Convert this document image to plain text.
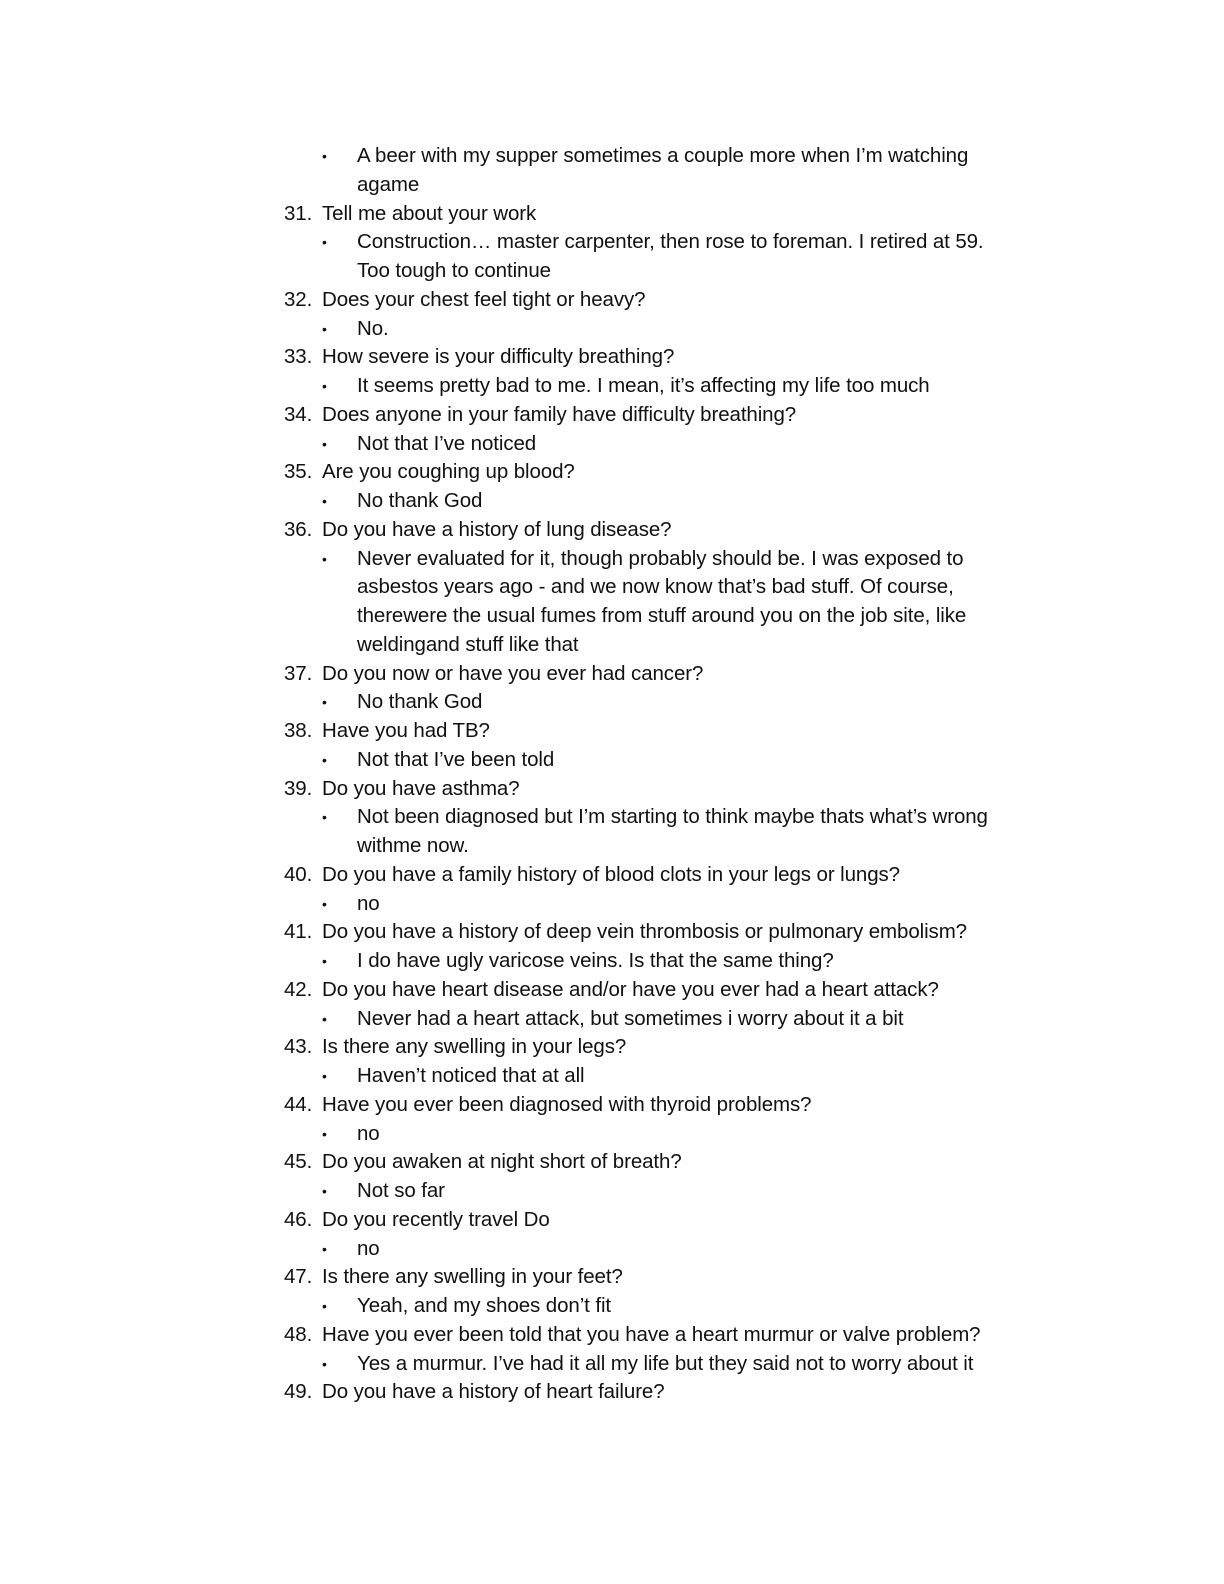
• A beer with my supper sometimes a couple more when I’m watching
agame
31. Tell me about your work
• Construction… master carpenter, then rose to foreman. I retired at 59.
Too tough to continue
32. Does your chest feel tight or heavy?
• No.
33. How severe is your difficulty breathing?
• It seems pretty bad to me. I mean, it’s affecting my life too much
34. Does anyone in your family have difficulty breathing?
• Not that I’ve noticed
35. Are you coughing up blood?
• No thank God
36. Do you have a history of lung disease?
• Never evaluated for it, though probably should be. I was exposed to
asbestos years ago - and we now know that’s bad stuff. Of course,
therewere the usual fumes from stuff around you on the job site, like
weldingand stuff like that
37. Do you now or have you ever had cancer?
• No thank God
38. Have you had TB?
• Not that I’ve been told
39. Do you have asthma?
• Not been diagnosed but I’m starting to think maybe thats what’s wrong
withme now.
40. Do you have a family history of blood clots in your legs or lungs?
• no
41. Do you have a history of deep vein thrombosis or pulmonary embolism?
• I do have ugly varicose veins. Is that the same thing?
42. Do you have heart disease and/or have you ever had a heart attack?
• Never had a heart attack, but sometimes i worry about it a bit
43. Is there any swelling in your legs?
• Haven’t noticed that at all
44. Have you ever been diagnosed with thyroid problems?
• no
45. Do you awaken at night short of breath?
• Not so far
46. Do you recently travel Do
• no
47. Is there any swelling in your feet?
• Yeah, and my shoes don’t fit
48. Have you ever been told that you have a heart murmur or valve problem?
• Yes a murmur. I’ve had it all my life but they said not to worry about it
49. Do you have a history of heart failure?
